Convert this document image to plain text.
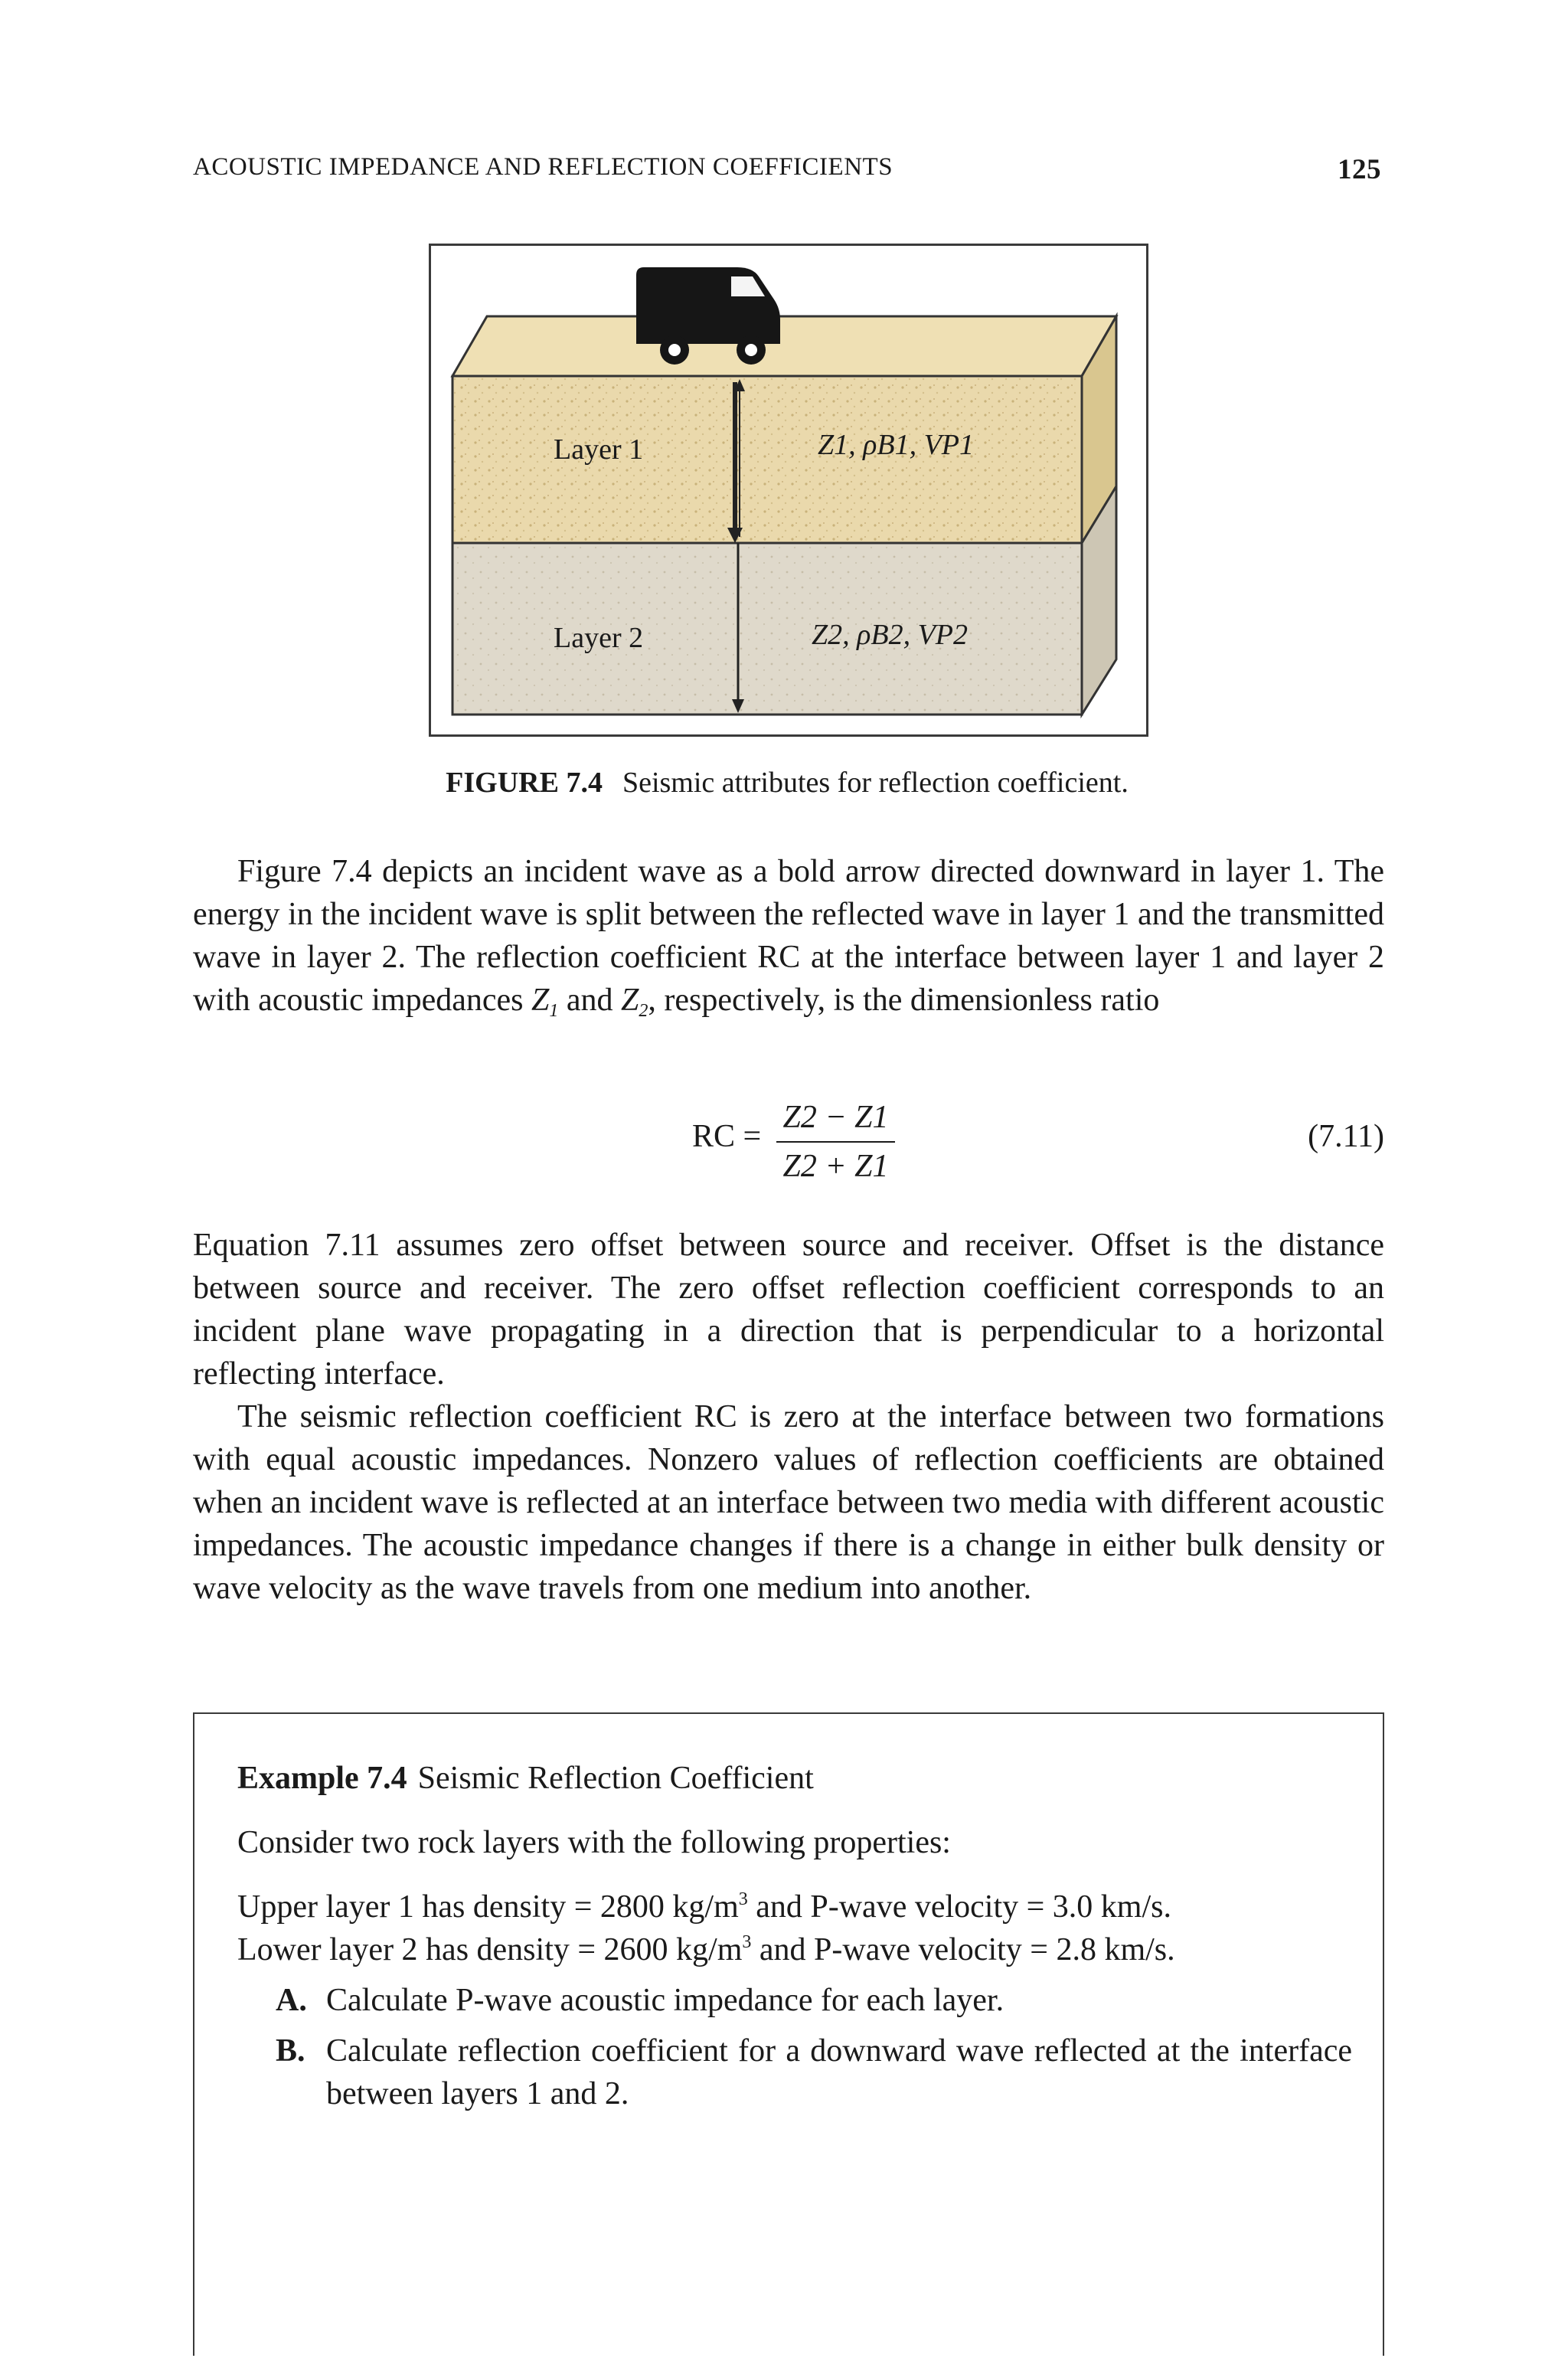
ACOUSTIC IMPEDANCE AND REFLECTION COEFFICIENTS	125
Layer 1
Layer 2
Z1, ρB1, VP1
Z2, ρB2, VP2
FIGURE 7.4 Seismic attributes for reflection coefficient.

Figure 7.4 depicts an incident wave as a bold arrow directed downward in layer 1. The energy in the incident wave is split between the reflected wave in layer 1 and the transmitted wave in layer 2. The reflection coefficient RC at the interface between layer 1 and layer 2 with acoustic impedances $Z_1$ and $Z_2$, respectively, is the dimensionless ratio

RC =
Z2 − Z1
Z2 + Z1
(7.11)

Equation 7.11 assumes zero offset between source and receiver. Offset is the distance between source and receiver. The zero offset reflection coefficient corresponds to an incident plane wave propagating in a direction that is perpendicular to a horizontal reflecting interface.

The seismic reflection coefficient RC is zero at the interface between two formations with equal acoustic impedances. Nonzero values of reflection coefficients are obtained when an incident wave is reflected at an interface between two media with different acoustic impedances. The acoustic impedance changes if there is a change in either bulk density or wave velocity as the wave travels from one medium into another.

Example 7.4 Seismic Reflection Coefficient

Consider two rock layers with the following properties:

Upper layer 1 has density = 2800 $kg/m^3$ and P-wave velocity = 3.0 km/s.

Lower layer 2 has density = 2600 $kg/m^3$ and P-wave velocity = 2.8 km/s.

A. Calculate P-wave acoustic impedance for each layer.
B. Calculate reflection coefficient for a downward wave reflected at the interface between layers 1 and 2.
